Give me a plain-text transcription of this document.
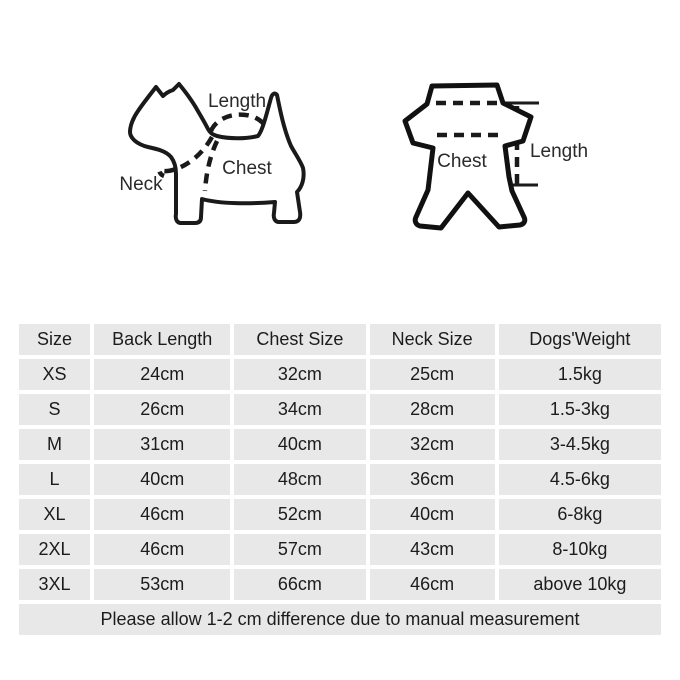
Length
Chest
Neck
Chest Length
Size	Back Length	Chest Size	Neck Size	Dogs'Weight
XS	24cm	32cm	25cm	1.5kg
S	26cm	34cm	28cm	1.5-3kg
M	31cm	40cm	32cm	3-4.5kg
L	40cm	48cm	36cm	4.5-6kg
XL	46cm	52cm	40cm	6-8kg
2XL	46cm	57cm	43cm	8-10kg
3XL	53cm	66cm	46cm	above 10kg
Please allow 1-2 cm difference due to manual measurement				
